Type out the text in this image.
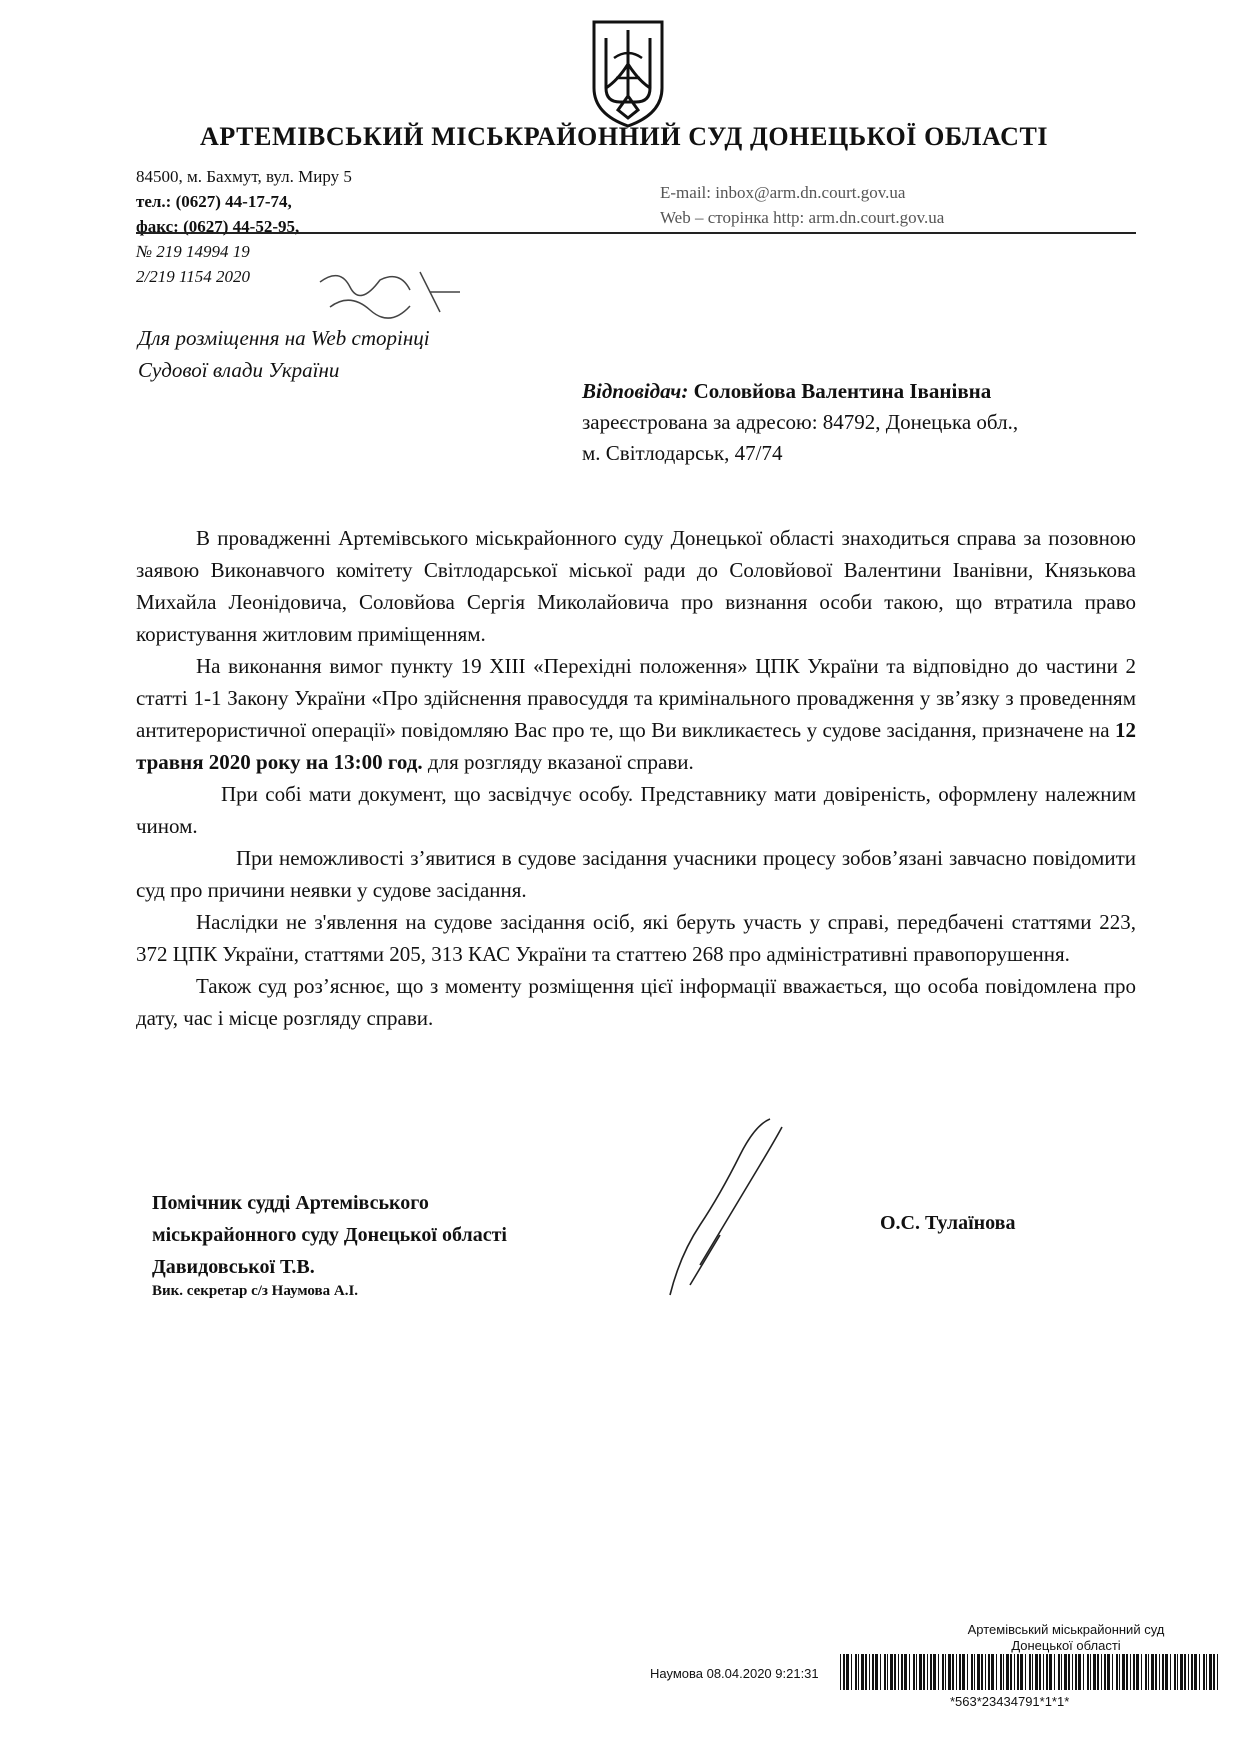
АРТЕМІВСЬКИЙ МІСЬКРАЙОННИЙ СУД ДОНЕЦЬКОЇ ОБЛАСТІ
84500, м. Бахмут, вул. Миру 5
тел.: (0627) 44-17-74,
факс: (0627) 44-52-95,
№ 219 14994 19
2/219 1154 2020
E-mail: inbox@arm.dn.court.gov.ua
Web – сторінка http: arm.dn.court.gov.ua
Для розміщення на Web сторінці
Судової влади України
Відповідач: Соловйова Валентина Іванівна
зареєстрована за адресою: 84792, Донецька обл.,
м. Світлодарськ, 47/74

В провадженні Артемівського міськрайонного суду Донецької області знаходиться справа за позовною заявою Виконавчого комітету Світлодарської міської ради до Соловйової Валентини Іванівни, Князькова Михайла Леонідовича, Соловйова Сергія Миколайовича про визнання особи такою, що втратила право користування житловим приміщенням.

На виконання вимог пункту 19 XIII «Перехідні положення» ЦПК України та відповідно до частини 2 статті 1-1 Закону України «Про здійснення правосуддя та кримінального провадження у зв’язку з проведенням антитерористичної операції» повідомляю Вас про те, що Ви викликаєтесь у судове засідання, призначене на 12 травня 2020 року на 13:00 год. для розгляду вказаної справи.

При собі мати документ, що засвідчує особу. Представнику мати довіреність, оформлену належним чином.

При неможливості з’явитися в судове засідання учасники процесу зобов’язані завчасно повідомити суд про причини неявки у судове засідання.

Наслідки не з'явлення на судове засідання осіб, які беруть участь у справі, передбачені статтями 223, 372 ЦПК України, статтями 205, 313 КАС України та статтею 268 про адміністративні правопорушення.

Також суд роз’яснює, що з моменту розміщення цієї інформації вважається, що особа повідомлена про дату, час і місце розгляду справи.

Помічник судді Артемівського
міськрайонного суду Донецької області
Давидовської Т.В.
Вик. секретар с/з Наумова А.І.
О.С. Тулаїнова
Артемівський міськрайонний суд
Донецької області
Наумова 08.04.2020 9:21:31
*563*23434791*1*1*
